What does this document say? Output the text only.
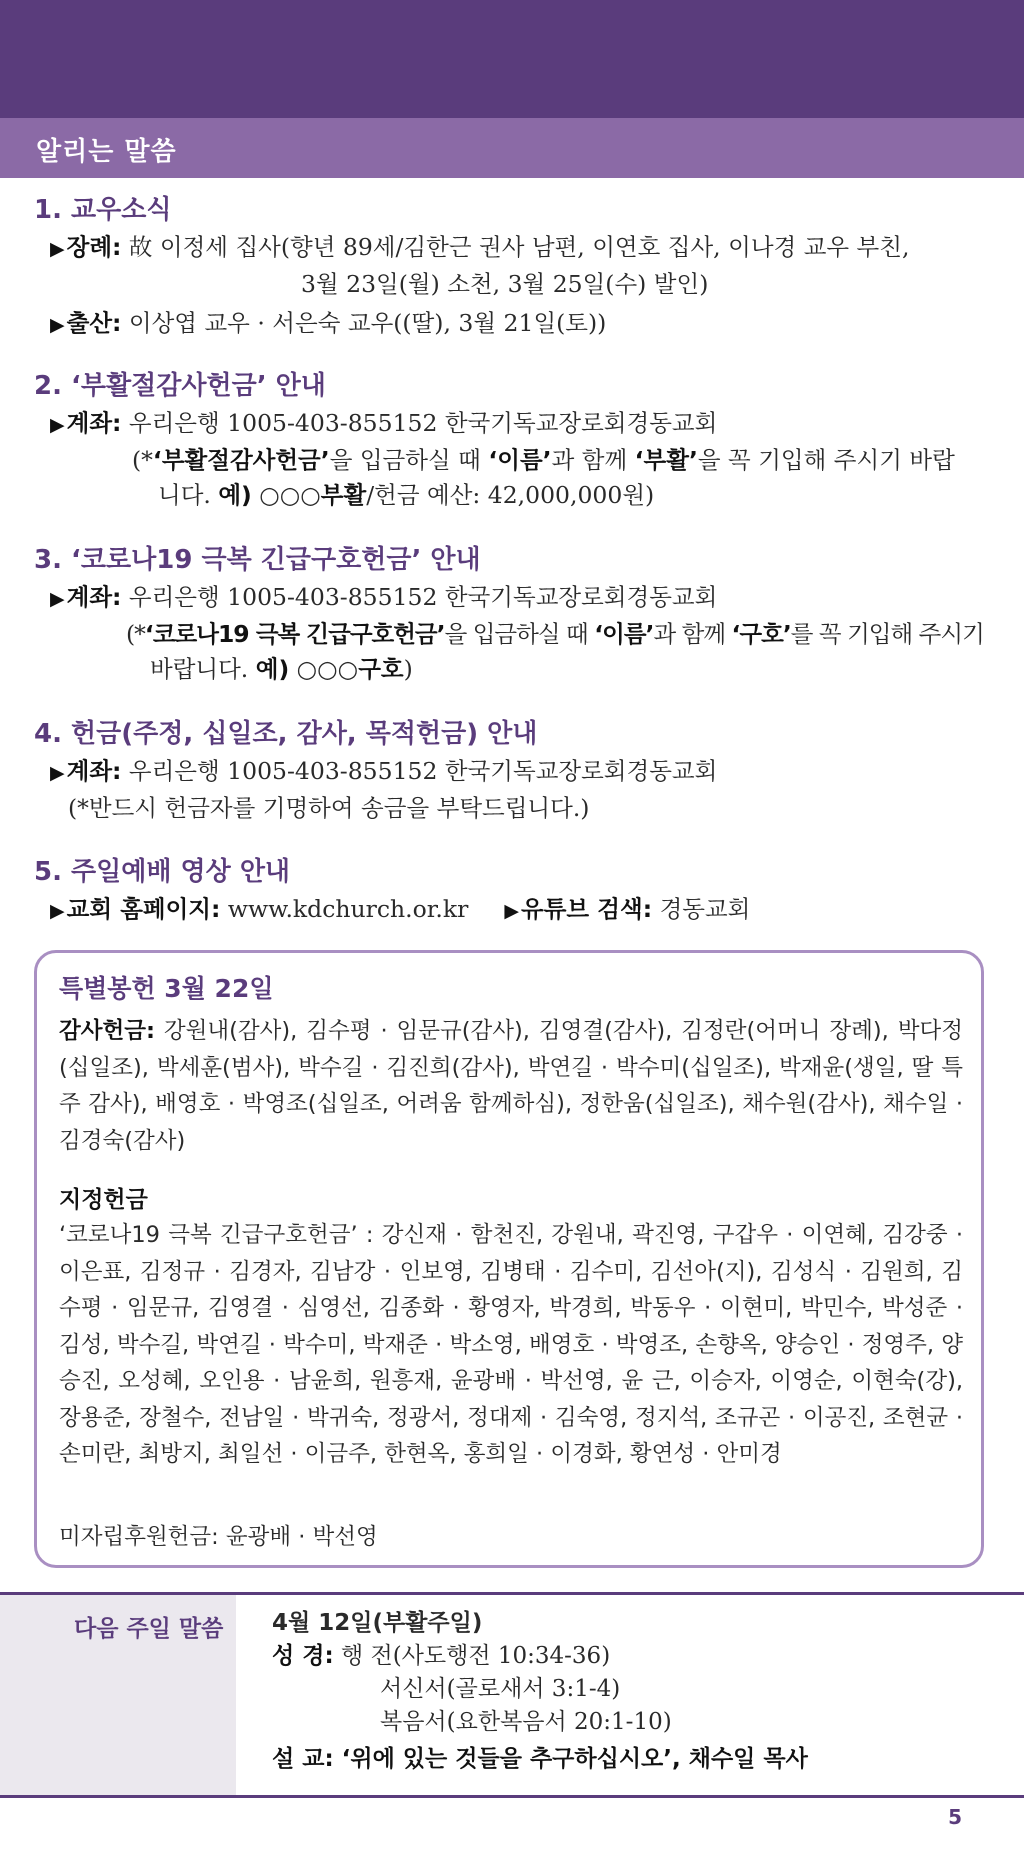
알리는 말씀
1. 교우소식
▶장례: 故 이정세 집사(향년 89세/김한근 권사 남편, 이연호 집사, 이나경 교우 부친,
3월 23일(월) 소천, 3월 25일(수) 발인)
▶출산: 이상엽 교우 · 서은숙 교우((딸), 3월 21일(토))
2. ‘부활절감사헌금’ 안내
▶계좌: 우리은행 1005-403-855152 한국기독교장로회경동교회
(*‘부활절감사헌금’을 입금하실 때 ‘이름’과 함께 ‘부활’을 꼭 기입해 주시기 바랍
니다. 예) ○○○부활/헌금 예산: 42,000,000원)
3. ‘코로나19 극복 긴급구호헌금’ 안내
▶계좌: 우리은행 1005-403-855152 한국기독교장로회경동교회
(*‘코로나19 극복 긴급구호헌금’을 입금하실 때 ‘이름’과 함께 ‘구호’를 꼭 기입해 주시기
바랍니다. 예) ○○○구호)
4. 헌금(주정, 십일조, 감사, 목적헌금) 안내
▶계좌: 우리은행 1005-403-855152 한국기독교장로회경동교회
(*반드시 헌금자를 기명하여 송금을 부탁드립니다.)
5. 주일예배 영상 안내
▶교회 홈페이지: www.kdchurch.or.kr ▶유튜브 검색: 경동교회
특별봉헌 3월 22일
감사헌금: 강원내(감사), 김수평 · 임문규(감사), 김영결(감사), 김정란(어머니 장례), 박다정(십일조), 박세훈(범사), 박수길 · 김진희(감사), 박연길 · 박수미(십일조), 박재윤(생일, 딸 특주 감사), 배영호 · 박영조(십일조, 어려움 함께하심), 정한움(십일조), 채수원(감사), 채수일 · 김경숙(감사)
지정헌금
‘코로나19 극복 긴급구호헌금’ : 강신재 · 함천진, 강원내, 곽진영, 구갑우 · 이연혜, 김강중 · 이은표, 김정규 · 김경자, 김남강 · 인보영, 김병태 · 김수미, 김선아(지), 김성식 · 김원희, 김수평 · 임문규, 김영결 · 심영선, 김종화 · 황영자, 박경희, 박동우 · 이현미, 박민수, 박성준 · 김성, 박수길, 박연길 · 박수미, 박재준 · 박소영, 배영호 · 박영조, 손향옥, 양승인 · 정영주, 양승진, 오성혜, 오인용 · 남윤희, 원흥재, 윤광배 · 박선영, 윤 근, 이승자, 이영순, 이현숙(강), 장용준, 장철수, 전남일 · 박귀숙, 정광서, 정대제 · 김숙영, 정지석, 조규곤 · 이공진, 조현균 · 손미란, 최방지, 최일선 · 이금주, 한현옥, 홍희일 · 이경화, 황연성 · 안미경
미자립후원헌금: 윤광배 · 박선영
다음 주일 말씀 4월 12일(부활주일)
성 경: 행 전(사도행전 10:34-36)
서신서(골로새서 3:1-4)
복음서(요한복음서 20:1-10)
설 교: ‘위에 있는 것들을 추구하십시오’, 채수일 목사
5
